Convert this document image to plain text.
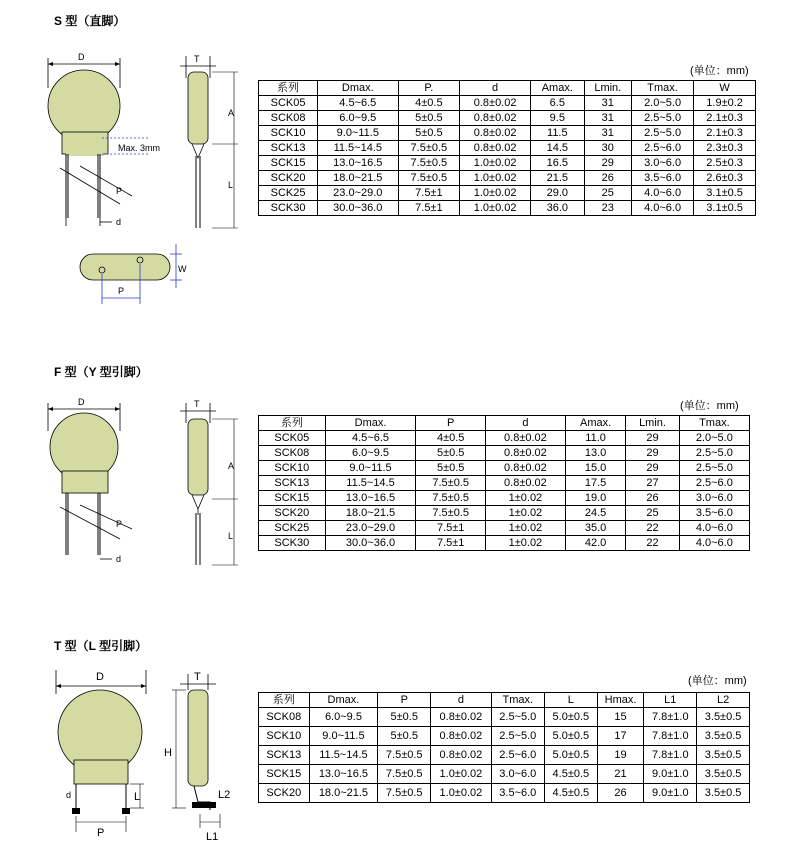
S 型（直脚）
D
Max. 3mm
P
d
T
A
L
P
W
(单位：mm)
系列	Dmax.	P.	d	Amax.	Lmin.	Tmax.	W
SCK05	4.5~6.5	4±0.5	0.8±0.02	6.5	31	2.0~5.0	1.9±0.2
SCK08	6.0~9.5	5±0.5	0.8±0.02	9.5	31	2.5~5.0	2.1±0.3
SCK10	9.0~11.5	5±0.5	0.8±0.02	11.5	31	2.5~5.0	2.1±0.3
SCK13	11.5~14.5	7.5±0.5	0.8±0.02	14.5	30	2.5~6.0	2.3±0.3
SCK15	13.0~16.5	7.5±0.5	1.0±0.02	16.5	29	3.0~6.0	2.5±0.3
SCK20	18.0~21.5	7.5±0.5	1.0±0.02	21.5	26	3.5~6.0	2.6±0.3
SCK25	23.0~29.0	7.5±1	1.0±0.02	29.0	25	4.0~6.0	3.1±0.5
SCK30	30.0~36.0	7.5±1	1.0±0.02	36.0	23	4.0~6.0	3.1±0.5
F 型（Y 型引脚）
D
P
d
T
A
L
(单位：mm)
系列	Dmax.	P	d	Amax.	Lmin.	Tmax.
SCK05	4.5~6.5	4±0.5	0.8±0.02	11.0	29	2.0~5.0
SCK08	6.0~9.5	5±0.5	0.8±0.02	13.0	29	2.5~5.0
SCK10	9.0~11.5	5±0.5	0.8±0.02	15.0	29	2.5~5.0
SCK13	11.5~14.5	7.5±0.5	0.8±0.02	17.5	27	2.5~6.0
SCK15	13.0~16.5	7.5±0.5	1±0.02	19.0	26	3.0~6.0
SCK20	18.0~21.5	7.5±0.5	1±0.02	24.5	25	3.5~6.0
SCK25	23.0~29.0	7.5±1	1±0.02	35.0	22	4.0~6.0
SCK30	30.0~36.0	7.5±1	1±0.02	42.0	22	4.0~6.0
T 型（L 型引脚）
D
L
d
P
T
H
L2
L1
(单位：mm)
系列	Dmax.	P	d	Tmax.	L	Hmax.	L1	L2
SCK08	6.0~9.5	5±0.5	0.8±0.02	2.5~5.0	5.0±0.5	15	7.8±1.0	3.5±0.5
SCK10	9.0~11.5	5±0.5	0.8±0.02	2.5~5.0	5.0±0.5	17	7.8±1.0	3.5±0.5
SCK13	11.5~14.5	7.5±0.5	0.8±0.02	2.5~6.0	5.0±0.5	19	7.8±1.0	3.5±0.5
SCK15	13.0~16.5	7.5±0.5	1.0±0.02	3.0~6.0	4.5±0.5	21	9.0±1.0	3.5±0.5
SCK20	18.0~21.5	7.5±0.5	1.0±0.02	3.5~6.0	4.5±0.5	26	9.0±1.0	3.5±0.5
